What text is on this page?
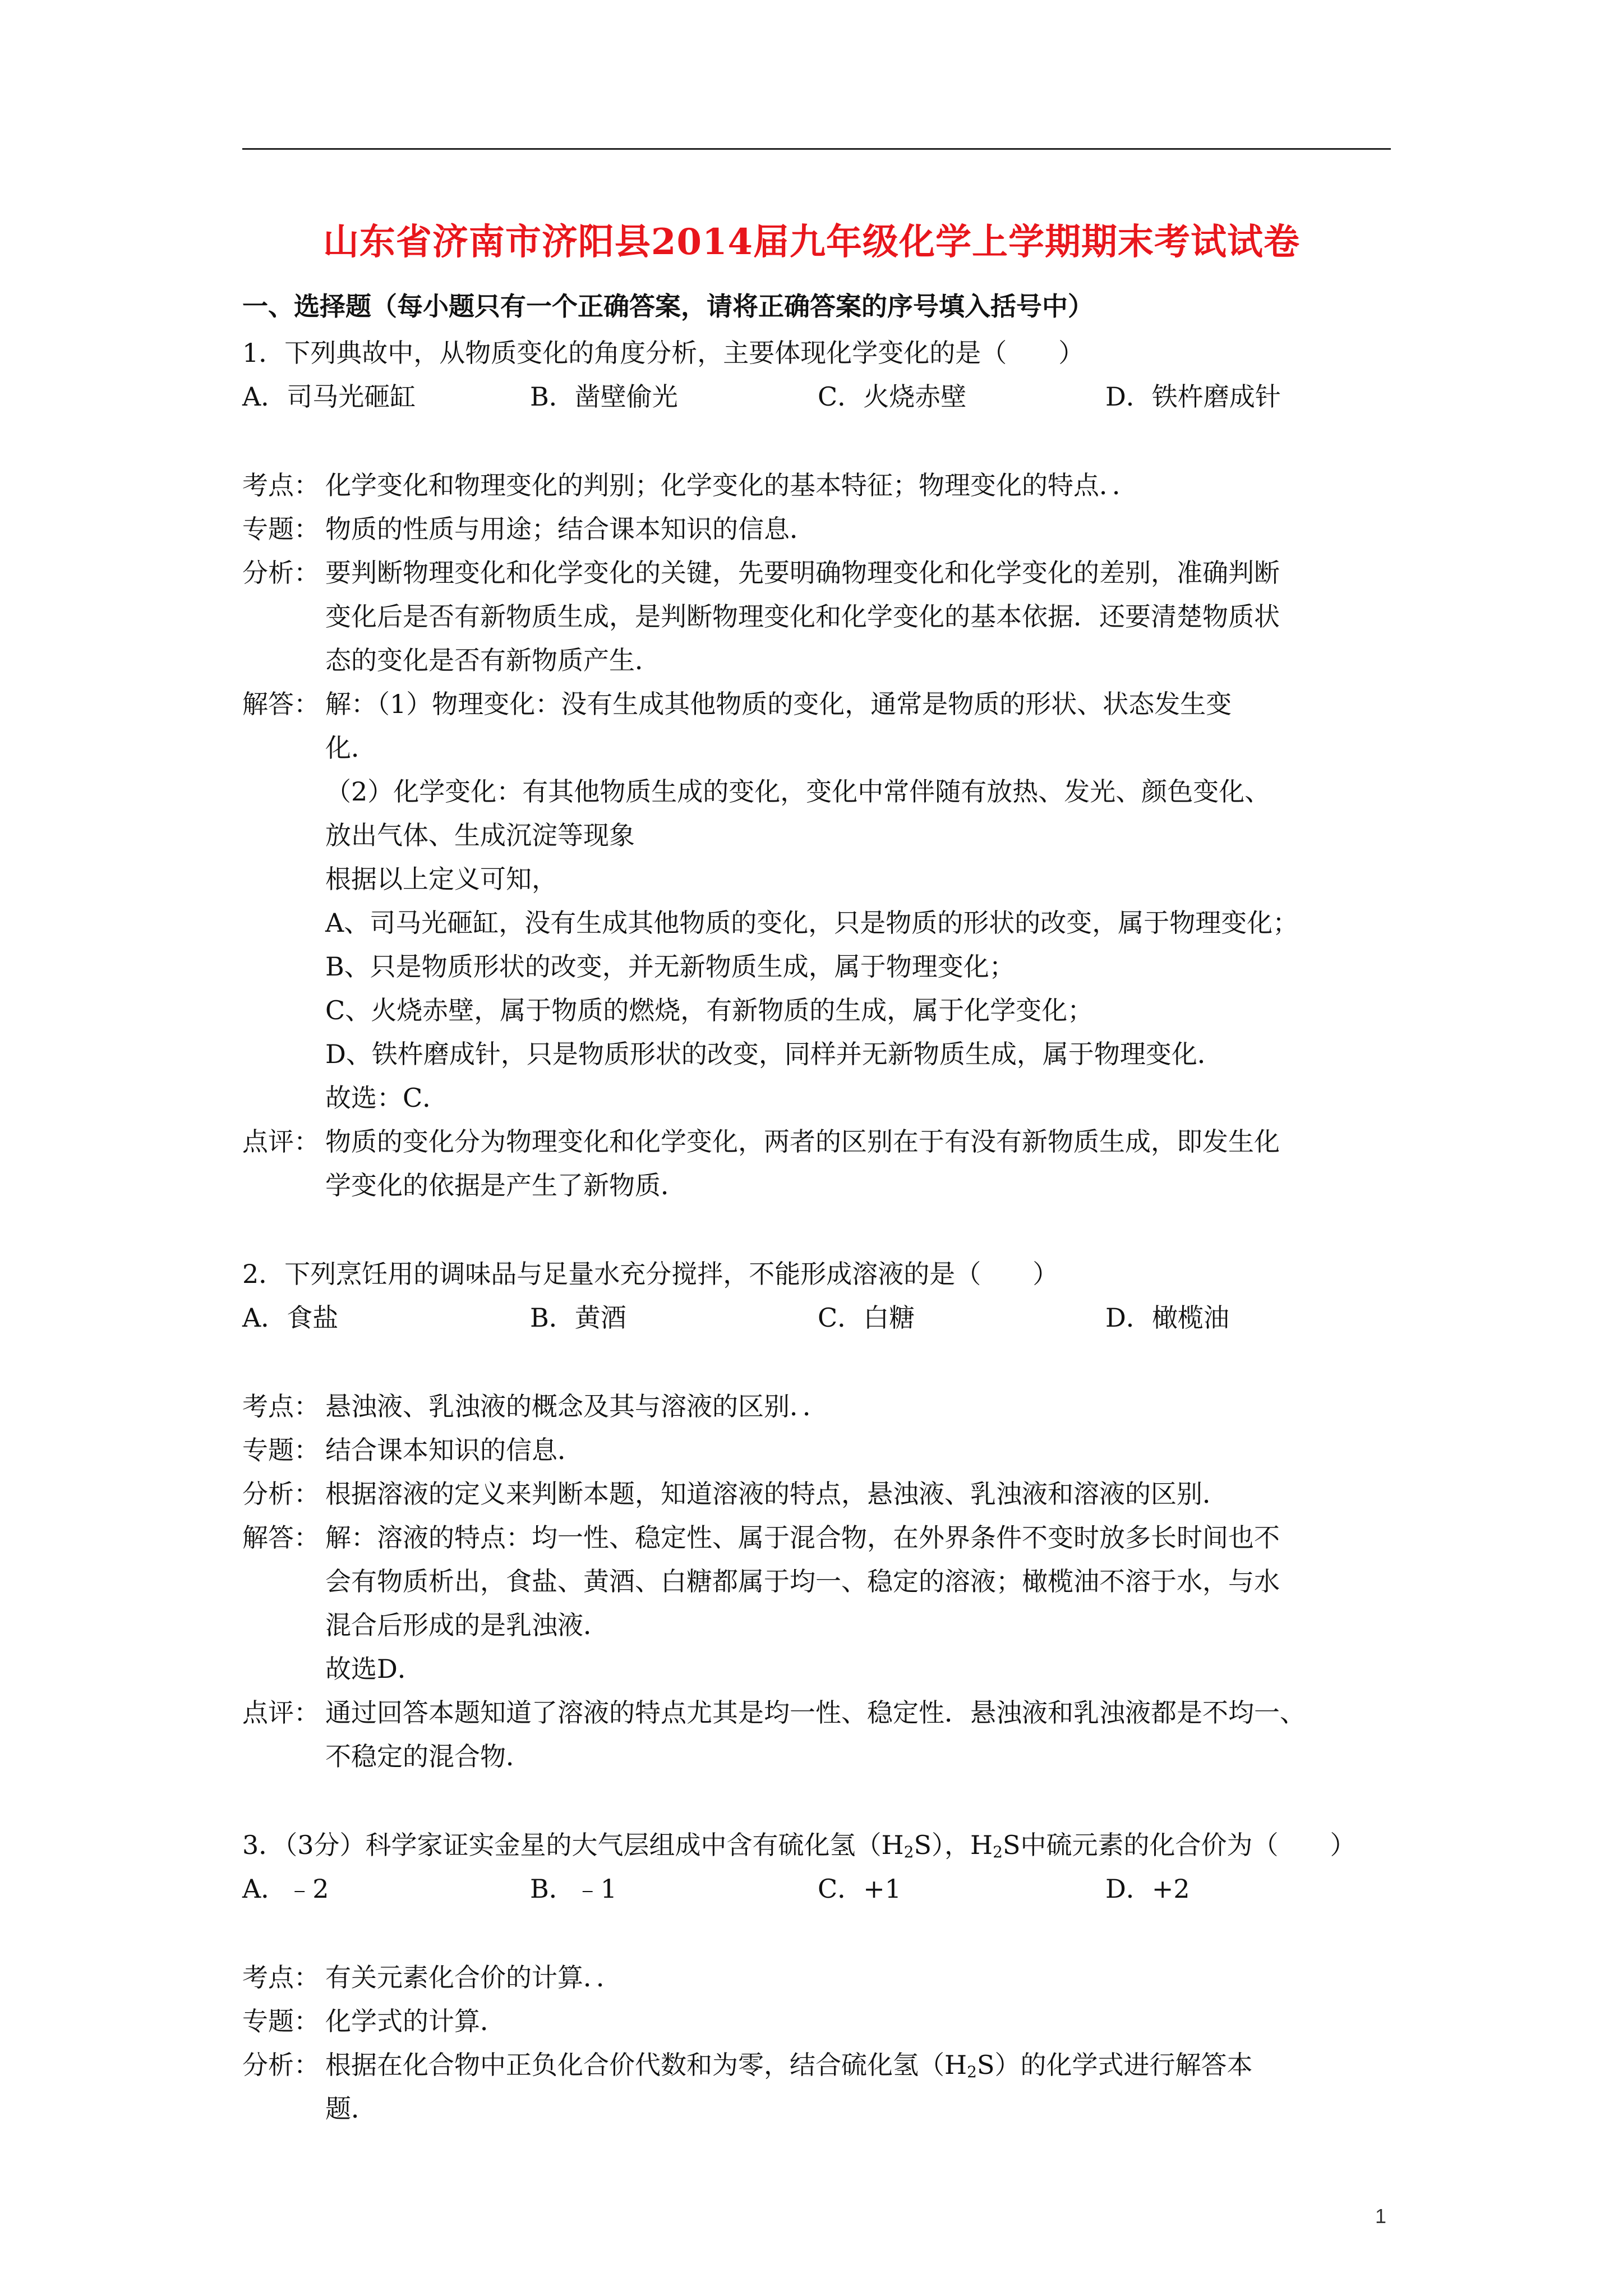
山东省济南市济阳县2014届九年级化学上学期期末考试试卷
一、选择题（每小题只有一个正确答案，请将正确答案的序号填入括号中）
1．下列典故中，从物质变化的角度分析，主要体现化学变化的是（　　）
A．司马光砸缸	B．凿壁偷光	C．火烧赤壁	D．铁杵磨成针
考点： 化学变化和物理变化的判别；化学变化的基本特征；物理变化的特点．．
专题： 物质的性质与用途；结合课本知识的信息．
分析： 要判断物理变化和化学变化的关键，先要明确物理变化和化学变化的差别，准确判断
变化后是否有新物质生成，是判断物理变化和化学变化的基本依据．还要清楚物质状
态的变化是否有新物质产生．
解答： 解：（1）物理变化：没有生成其他物质的变化，通常是物质的形状、状态发生变
化．
（2）化学变化：有其他物质生成的变化，变化中常伴随有放热、发光、颜色变化、
放出气体、生成沉淀等现象
根据以上定义可知，
A、司马光砸缸，没有生成其他物质的变化，只是物质的形状的改变，属于物理变化；
B、只是物质形状的改变，并无新物质生成，属于物理变化；
C、火烧赤壁，属于物质的燃烧，有新物质的生成，属于化学变化；
D、铁杵磨成针，只是物质形状的改变，同样并无新物质生成，属于物理变化．
故选：C．
点评： 物质的变化分为物理变化和化学变化，两者的区别在于有没有新物质生成，即发生化
学变化的依据是产生了新物质．
2．下列烹饪用的调味品与足量水充分搅拌，不能形成溶液的是（　　）
A．食盐	B．黄酒	C．白糖	D．橄榄油
考点： 悬浊液、乳浊液的概念及其与溶液的区别．．
专题： 结合课本知识的信息．
分析： 根据溶液的定义来判断本题，知道溶液的特点，悬浊液、乳浊液和溶液的区别．
解答： 解：溶液的特点：均一性、稳定性、属于混合物，在外界条件不变时放多长时间也不
会有物质析出，食盐、黄酒、白糖都属于均一、稳定的溶液；橄榄油不溶于水，与水
混合后形成的是乳浊液．
故选D．
点评： 通过回答本题知道了溶液的特点尤其是均一性、稳定性．悬浊液和乳浊液都是不均一、
不稳定的混合物．
3．（3分）科学家证实金星的大气层组成中含有硫化氢$(H_2S)$，$H_2S$中硫元素的化合价为（　　）
A．﹣2	B．﹣1	C．+1	D．+2
考点： 有关元素化合价的计算．．
专题： 化学式的计算．
分析： 根据在化合物中正负化合价代数和为零，结合硫化氢$(H_2S)$的化学式进行解答本
题．
1
